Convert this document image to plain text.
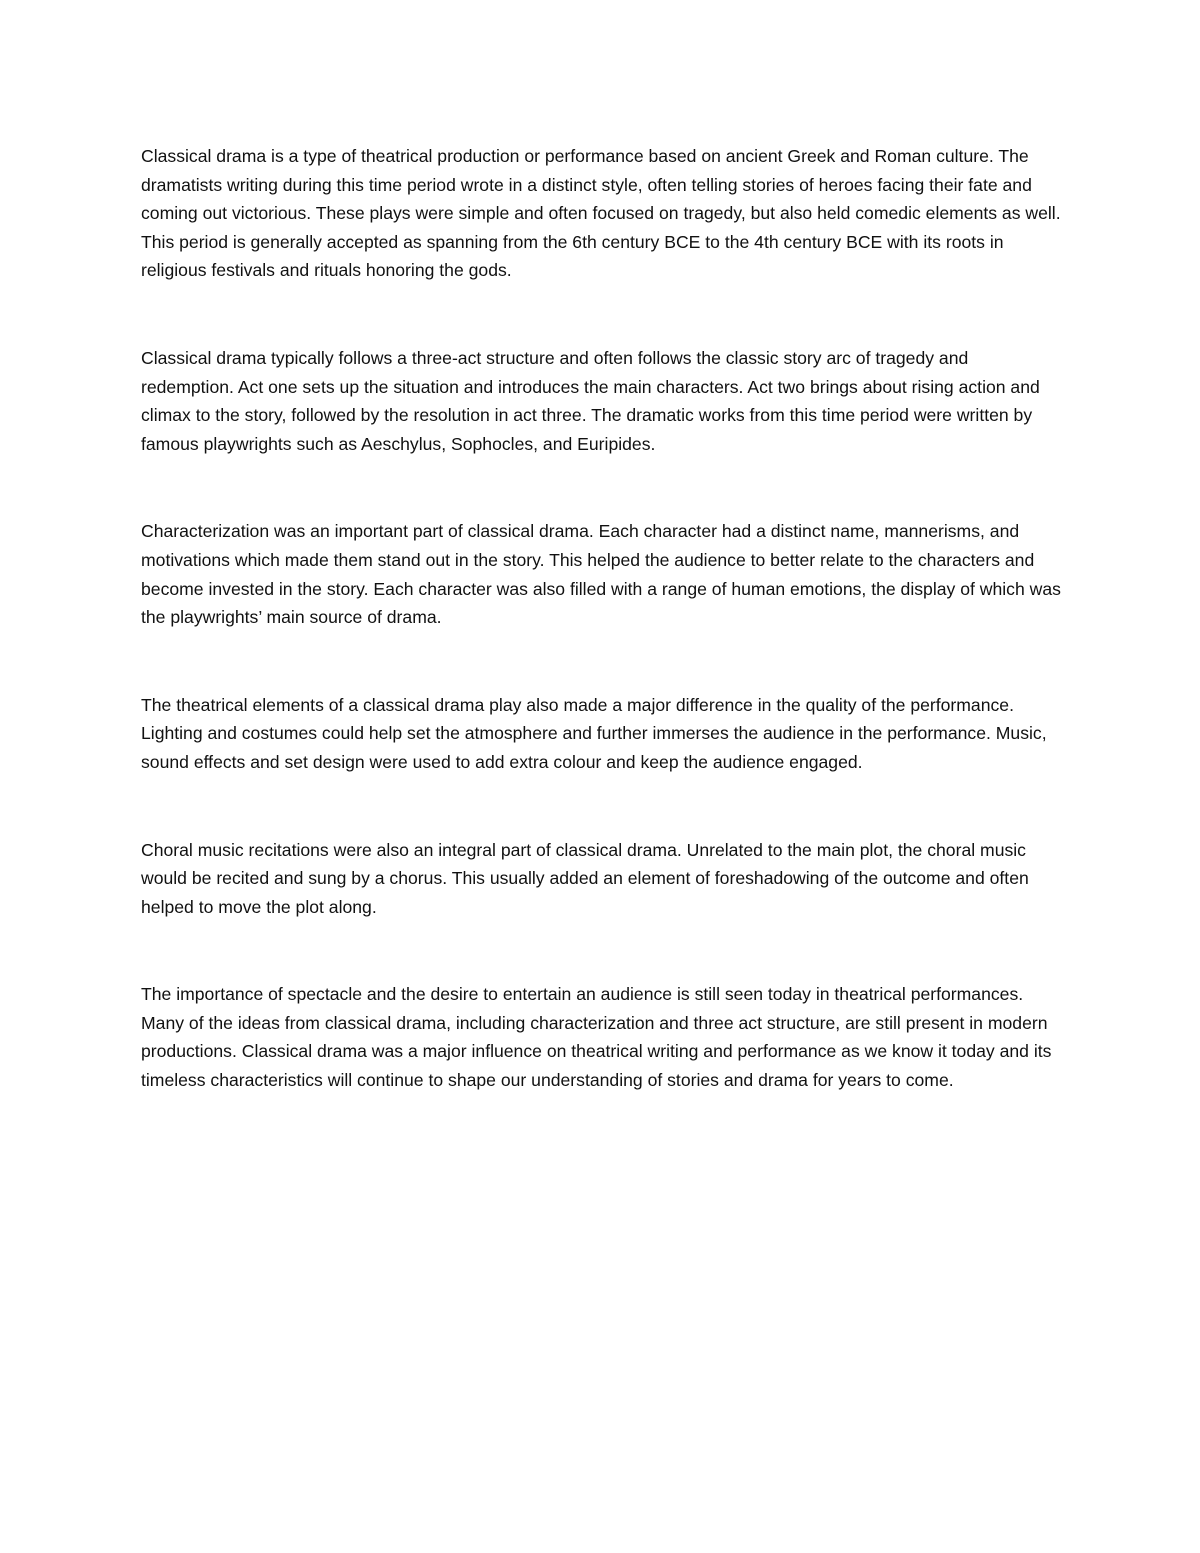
Classical drama is a type of theatrical production or performance based on ancient Greek and Roman culture. The dramatists writing during this time period wrote in a distinct style, often telling stories of heroes facing their fate and coming out victorious. These plays were simple and often focused on tragedy, but also held comedic elements as well. This period is generally accepted as spanning from the 6th century BCE to the 4th century BCE with its roots in religious festivals and rituals honoring the gods.

Classical drama typically follows a three-act structure and often follows the classic story arc of tragedy and redemption. Act one sets up the situation and introduces the main characters. Act two brings about rising action and climax to the story, followed by the resolution in act three. The dramatic works from this time period were written by famous playwrights such as Aeschylus, Sophocles, and Euripides.

Characterization was an important part of classical drama. Each character had a distinct name, mannerisms, and motivations which made them stand out in the story. This helped the audience to better relate to the characters and become invested in the story. Each character was also filled with a range of human emotions, the display of which was the playwrights’ main source of drama.

The theatrical elements of a classical drama play also made a major difference in the quality of the performance. Lighting and costumes could help set the atmosphere and further immerses the audience in the performance. Music, sound effects and set design were used to add extra colour and keep the audience engaged.

Choral music recitations were also an integral part of classical drama. Unrelated to the main plot, the choral music would be recited and sung by a chorus. This usually added an element of foreshadowing of the outcome and often helped to move the plot along.

The importance of spectacle and the desire to entertain an audience is still seen today in theatrical performances. Many of the ideas from classical drama, including characterization and three act structure, are still present in modern productions. Classical drama was a major influence on theatrical writing and performance as we know it today and its timeless characteristics will continue to shape our understanding of stories and drama for years to come.
